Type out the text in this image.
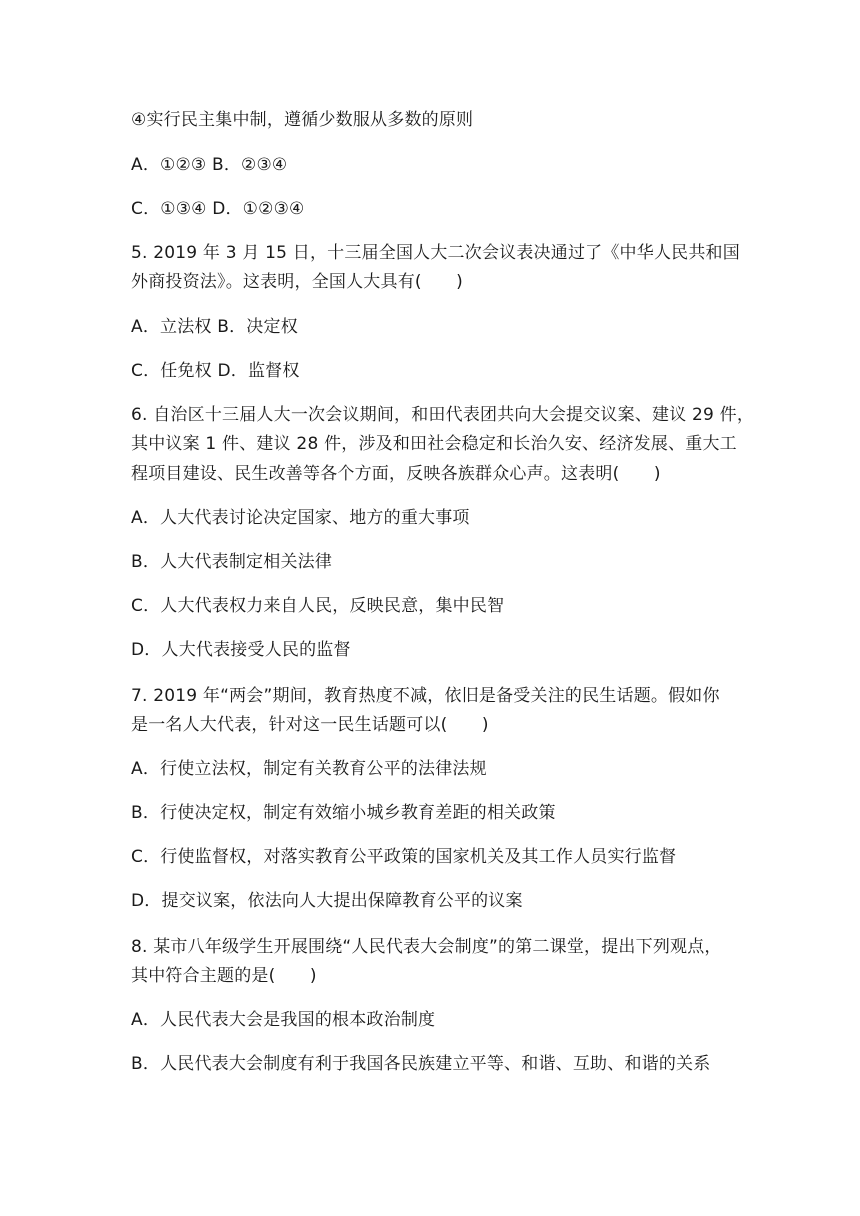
④实行民主集中制，遵循少数服从多数的原则
A．①②③ B．②③④
C．①③④ D．①②③④
5. 2019 年 3 月 15 日，十三届全国人大二次会议表决通过了《中华人民共和国
外商投资法》。这表明，全国人大具有(　　)
A．立法权 B．决定权
C．任免权 D．监督权
6. 自治区十三届人大一次会议期间，和田代表团共向大会提交议案、建议 29 件，
其中议案 1 件、建议 28 件，涉及和田社会稳定和长治久安、经济发展、重大工
程项目建设、民生改善等各个方面，反映各族群众心声。这表明(　　)
A．人大代表讨论决定国家、地方的重大事项
B．人大代表制定相关法律
C．人大代表权力来自人民，反映民意，集中民智
D．人大代表接受人民的监督
7. 2019 年“两会”期间，教育热度不减，依旧是备受关注的民生话题。假如你
是一名人大代表，针对这一民生话题可以(　　)
A．行使立法权，制定有关教育公平的法律法规
B．行使决定权，制定有效缩小城乡教育差距的相关政策
C．行使监督权，对落实教育公平政策的国家机关及其工作人员实行监督
D．提交议案，依法向人大提出保障教育公平的议案
8. 某市八年级学生开展围绕“人民代表大会制度”的第二课堂，提出下列观点，
其中符合主题的是(　　)
A．人民代表大会是我国的根本政治制度
B．人民代表大会制度有利于我国各民族建立平等、和谐、互助、和谐的关系
